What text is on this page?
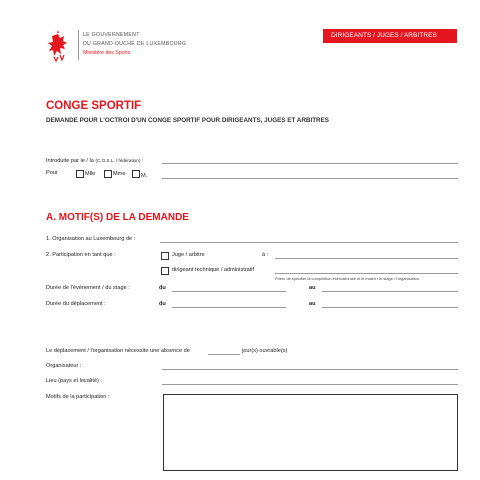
LE GOUVERNEMENT
DU GRAND-DUCHÉ DE LUXEMBOURG
Ministère des Sports
DIRIGEANTS / JUGES / ARBITRES
CONGE SPORTIF
DEMANDE POUR L'OCTROI D'UN CONGE SPORTIF POUR DIRIGEANTS, JUGES ET ARBITRES
Introduite par le / la (C.O.S.L. / fédération) :
Pour	Mlle	Mme	M.
A. MOTIF(S) DE LA DEMANDE
1. Organisation au Luxembourg de :
2. Participation en tant que :	Juge / arbitre	à :
dirigeant technique / administratif
Prière de spécifier la compétition internationale et le match / le stage / l'organisation
Durée de l'événement / du stage :	du	au
Durée du déplacement :	du	au
Le déplacement / l'organisation nécessite une absence de	jour(s) ouvrable(s)
Organisateur :
Lieu (pays et localité) :
Motifs de la participation :
